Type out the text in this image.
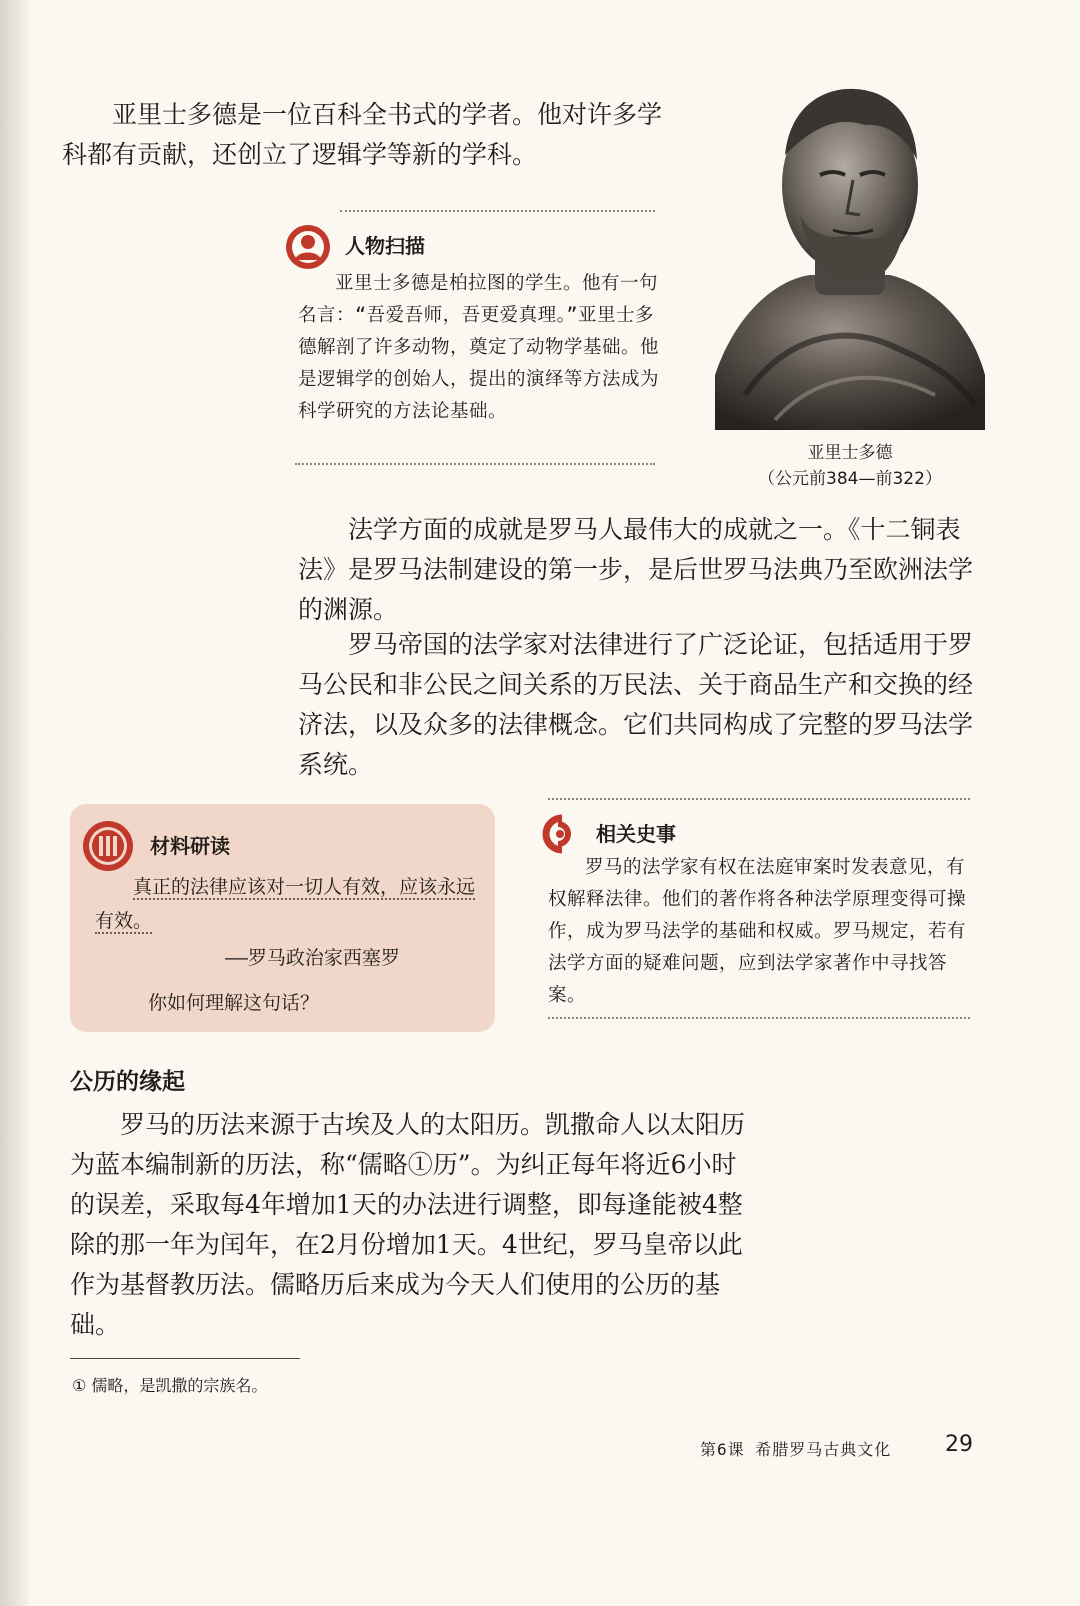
亚里士多德是一位百科全书式的学者。他对许多学科都有贡献，还创立了逻辑学等新的学科。

亚里士多德
（公元前384—前322）
人物扫描

亚里士多德是柏拉图的学生。他有一句名言：“吾爱吾师，吾更爱真理。”亚里士多德解剖了许多动物，奠定了动物学基础。他是逻辑学的创始人，提出的演绎等方法成为科学研究的方法论基础。

法学方面的成就是罗马人最伟大的成就之一。《十二铜表法》是罗马法制建设的第一步，是后世罗马法典乃至欧洲法学的渊源。

罗马帝国的法学家对法律进行了广泛论证，包括适用于罗马公民和非公民之间关系的万民法、关于商品生产和交换的经济法，以及众多的法律概念。它们共同构成了完整的罗马法学系统。

材料研读

真正的法律应该对一切人有效，应该永远有效。

——罗马政治家西塞罗
你如何理解这句话？
相关史事

罗马的法学家有权在法庭审案时发表意见，有权解释法律。他们的著作将各种法学原理变得可操作，成为罗马法学的基础和权威。罗马规定，若有法学方面的疑难问题，应到法学家著作中寻找答案。

公历的缘起

罗马的历法来源于古埃及人的太阳历。凯撒命人以太阳历为蓝本编制新的历法，称“儒略①历”。为纠正每年将近6小时的误差，采取每4年增加1天的办法进行调整，即每逢能被4整除的那一年为闰年，在2月份增加1天。4世纪，罗马皇帝以此作为基督教历法。儒略历后来成为今天人们使用的公历的基础。

① 儒略，是凯撒的宗族名。
第6课 希腊罗马古典文化 29
